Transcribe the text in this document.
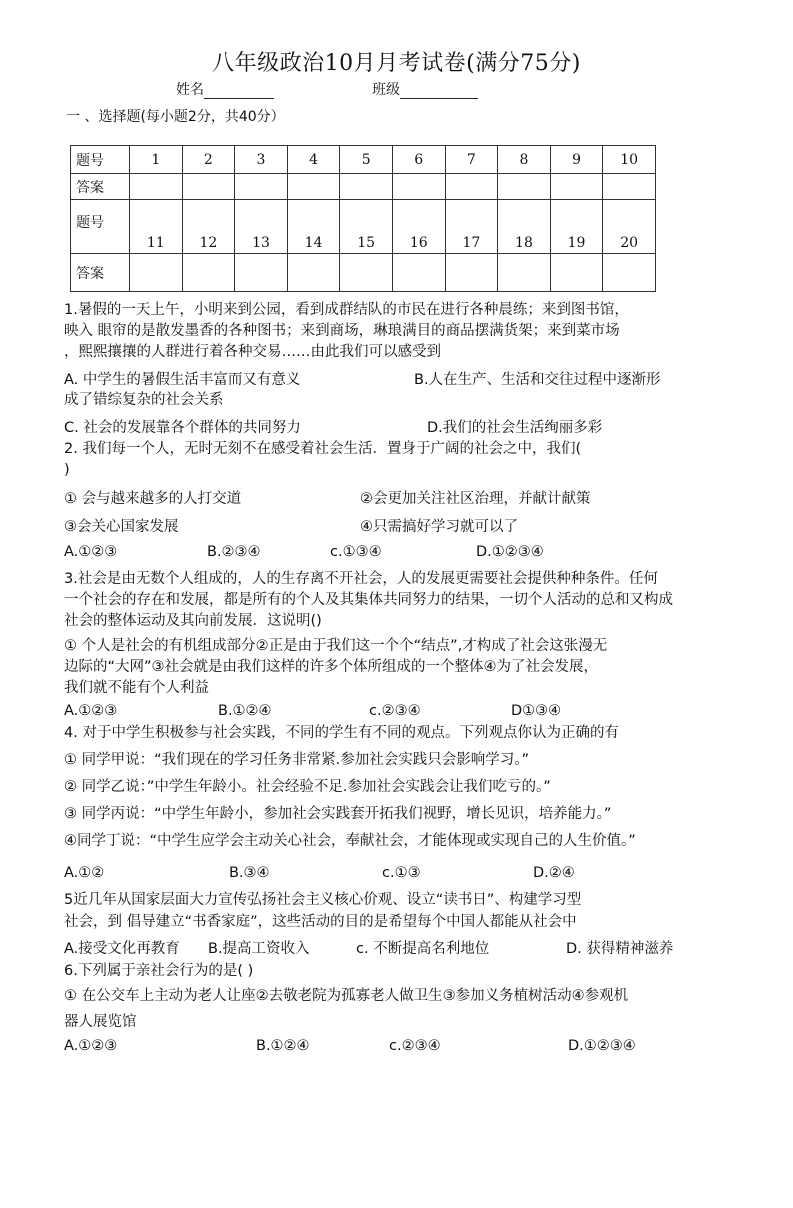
八年级政治10月月考试卷(满分75分)
姓名	班级
一 、选择题(每小题2分，共40分）
题号	1	2	3	4	5	6	7	8	9	10
答案										
题号	11	12	13	14	15	16	17	18	19	20
答案										
1.暑假的一天上午，小明来到公园，看到成群结队的市民在进行各种晨练；来到图书馆，
映入 眼帘的是散发墨香的各种图书；来到商场，琳琅满目的商品摆满货架；来到菜市场
，熙熙攘攘的人群进行着各种交易……由此我们可以感受到
A. 中学生的暑假生活丰富而又有意义	B.人在生产、生活和交往过程中逐渐形
成了错综复杂的社会关系
C. 社会的发展靠各个群体的共同努力	D.我们的社会生活绚丽多彩
2. 我们每一个人，无时无刻不在感受着社会生活．置身于广阔的社会之中，我们(
)
① 会与越来越多的人打交道	②会更加关注社区治理，并献计献策
③会关心国家发展	④只需搞好学习就可以了
A.①②③	B.②③④	c.①③④	D.①②③④
3.社会是由无数个人组成的，人的生存离不开社会，人的发展更需要社会提供种种条件。任何
一个社会的存在和发展，都是所有的个人及其集体共同努力的结果，一切个人活动的总和又构成
社会的整体运动及其向前发展．这说明()
① 个人是社会的有机组成部分②正是由于我们这一个个“结点”,才构成了社会这张漫无
边际的“大网”③社会就是由我们这样的许多个体所组成的一个整体④为了社会发展，
我们就不能有个人利益
A.①②③	B.①②④	c.②③④	D①③④
4. 对于中学生积极参与社会实践，不同的学生有不同的观点。下列观点你认为正确的有
① 同学甲说：“我们现在的学习任务非常紧.参加社会实践只会影响学习。”
② 同学乙说：”中学生年龄小。社会经验不足.参加社会实践会让我们吃亏的。”
③ 同学丙说：“中学生年龄小，参加社会实践套开拓我们视野，增长见识，培养能力。”
④同学丁说：“中学生应学会主动关心社会，奉献社会，才能体现或实现自己的人生价值。”
A.①②	B.③④	c.①③	D.②④
5近几年从国家层面大力宣传弘扬社会主义核心价观、设立“读书日”、构建学习型
社会，到 倡导建立“书香家庭”，这些活动的目的是希望每个中国人都能从社会中
A.接受文化再教育 B.提高工资收入	c. 不断提高名利地位	D. 获得精神滋养
6.下列属于亲社会行为的是( )
① 在公交车上主动为老人让座②去敬老院为孤寡老人做卫生③参加义务植树活动④参观机
器人展览馆
A.①②③	B.①②④	c.②③④	D.①②③④
